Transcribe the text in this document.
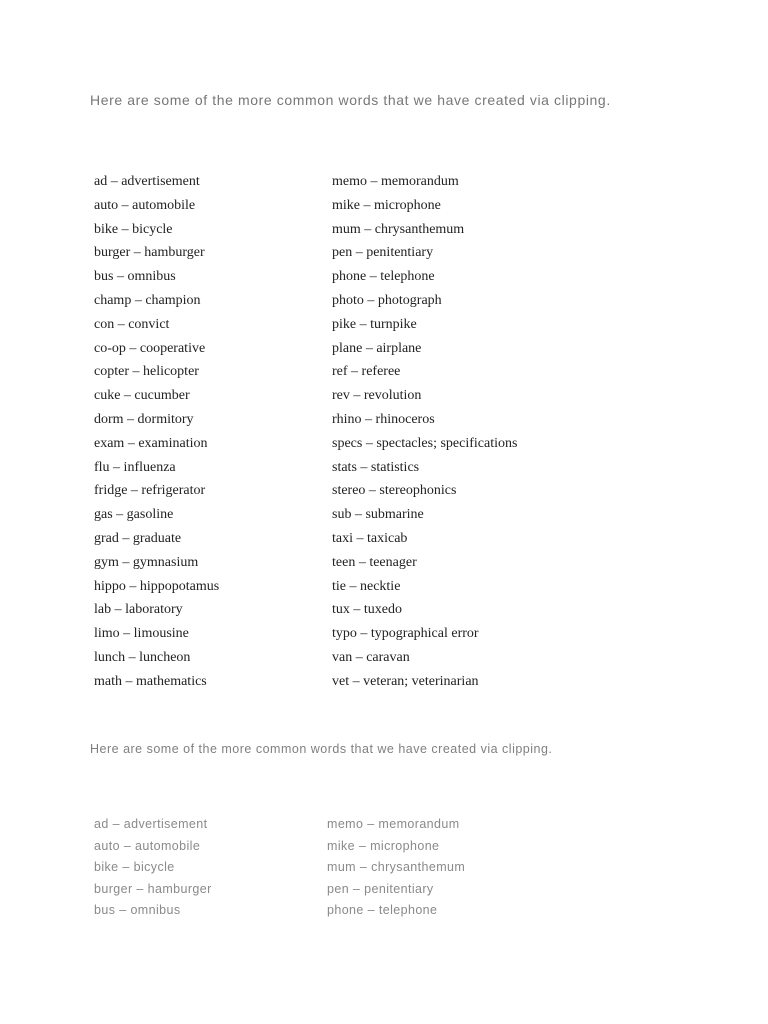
Here are some of the more common words that we have created via clipping.
ad – advertisement
auto – automobile
bike – bicycle
burger – hamburger
bus – omnibus
champ – champion
con – convict
co-op – cooperative
copter – helicopter
cuke – cucumber
dorm – dormitory
exam – examination
flu – influenza
fridge – refrigerator
gas – gasoline
grad – graduate
gym – gymnasium
hippo – hippopotamus
lab – laboratory
limo – limousine
lunch – luncheon
math – mathematics
memo – memorandum
mike – microphone
mum – chrysanthemum
pen – penitentiary
phone – telephone
photo – photograph
pike – turnpike
plane – airplane
ref – referee
rev – revolution
rhino – rhinoceros
specs – spectacles; specifications
stats – statistics
stereo – stereophonics
sub – submarine
taxi – taxicab
teen – teenager
tie – necktie
tux – tuxedo
typo – typographical error
van – caravan
vet – veteran; veterinarian
Here are some of the more common words that we have created via clipping.
ad – advertisement
auto – automobile
bike – bicycle
burger – hamburger
bus – omnibus
memo – memorandum
mike – microphone
mum – chrysanthemum
pen – penitentiary
phone – telephone
